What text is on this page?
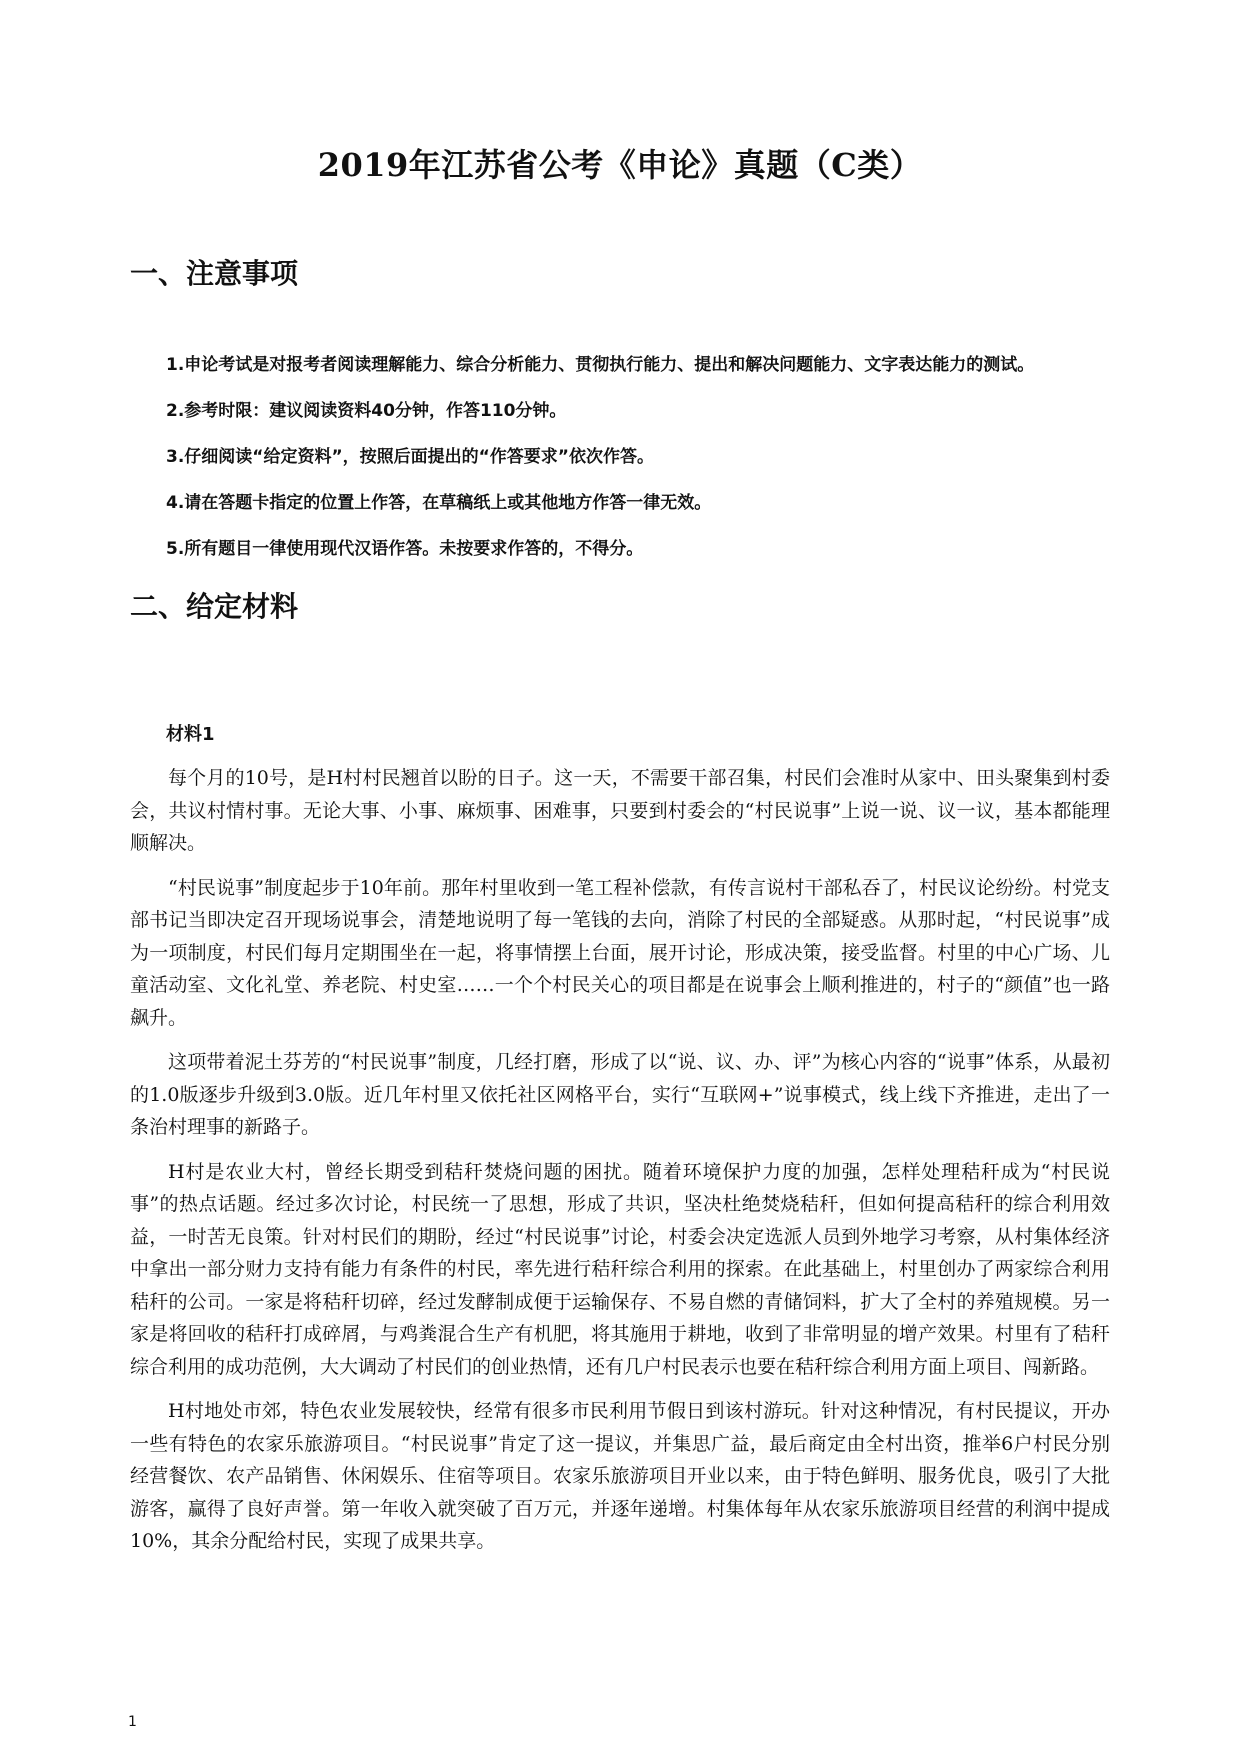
2019年江苏省公考《申论》真题（C类）
一、注意事项
1.申论考试是对报考者阅读理解能力、综合分析能力、贯彻执行能力、提出和解决问题能力、文字表达能力的测试。
2.参考时限：建议阅读资料40分钟，作答110分钟。
3.仔细阅读“给定资料”，按照后面提出的“作答要求”依次作答。
4.请在答题卡指定的位置上作答，在草稿纸上或其他地方作答一律无效。
5.所有题目一律使用现代汉语作答。未按要求作答的，不得分。
二、给定材料
材料1

每个月的10号，是H村村民翘首以盼的日子。这一天，不需要干部召集，村民们会准时从家中、田头聚集到村委会，共议村情村事。无论大事、小事、麻烦事、困难事，只要到村委会的“村民说事”上说一说、议一议，基本都能理顺解决。

“村民说事”制度起步于10年前。那年村里收到一笔工程补偿款，有传言说村干部私吞了，村民议论纷纷。村党支部书记当即决定召开现场说事会，清楚地说明了每一笔钱的去向，消除了村民的全部疑惑。从那时起，“村民说事”成为一项制度，村民们每月定期围坐在一起，将事情摆上台面，展开讨论，形成决策，接受监督。村里的中心广场、儿童活动室、文化礼堂、养老院、村史室……一个个村民关心的项目都是在说事会上顺利推进的，村子的“颜值”也一路飙升。

这项带着泥土芬芳的“村民说事”制度，几经打磨，形成了以“说、议、办、评”为核心内容的“说事”体系，从最初的1.0版逐步升级到3.0版。近几年村里又依托社区网格平台，实行“互联网+”说事模式，线上线下齐推进，走出了一条治村理事的新路子。

H村是农业大村，曾经长期受到秸秆焚烧问题的困扰。随着环境保护力度的加强，怎样处理秸秆成为“村民说事”的热点话题。经过多次讨论，村民统一了思想，形成了共识，坚决杜绝焚烧秸秆，但如何提高秸秆的综合利用效益，一时苦无良策。针对村民们的期盼，经过“村民说事”讨论，村委会决定选派人员到外地学习考察，从村集体经济中拿出一部分财力支持有能力有条件的村民，率先进行秸秆综合利用的探索。在此基础上，村里创办了两家综合利用秸秆的公司。一家是将秸秆切碎，经过发酵制成便于运输保存、不易自燃的青储饲料，扩大了全村的养殖规模。另一家是将回收的秸秆打成碎屑，与鸡粪混合生产有机肥，将其施用于耕地，收到了非常明显的增产效果。村里有了秸秆综合利用的成功范例，大大调动了村民们的创业热情，还有几户村民表示也要在秸秆综合利用方面上项目、闯新路。

H村地处市郊，特色农业发展较快，经常有很多市民利用节假日到该村游玩。针对这种情况，有村民提议，开办一些有特色的农家乐旅游项目。“村民说事”肯定了这一提议，并集思广益，最后商定由全村出资，推举6户村民分别经营餐饮、农产品销售、休闲娱乐、住宿等项目。农家乐旅游项目开业以来，由于特色鲜明、服务优良，吸引了大批游客，赢得了良好声誉。第一年收入就突破了百万元，并逐年递增。村集体每年从农家乐旅游项目经营的利润中提成10%，其余分配给村民，实现了成果共享。

1
